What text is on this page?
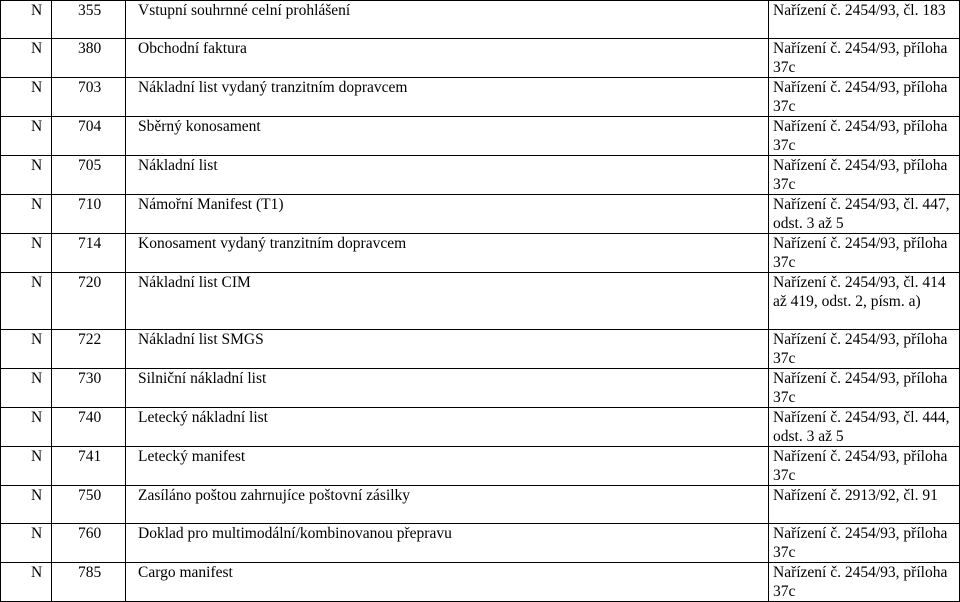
N	355	Vstupní souhrnné celní prohlášení	Nařízení č. 2454/93, čl. 183
N	380	Obchodní faktura	Nařízení č. 2454/93, příloha 37c
N	703	Nákladní list vydaný tranzitním dopravcem	Nařízení č. 2454/93, příloha 37c
N	704	Sběrný konosament	Nařízení č. 2454/93, příloha 37c
N	705	Nákladní list	Nařízení č. 2454/93, příloha 37c
N	710	Námořní Manifest (T1)	Nařízení č. 2454/93, čl. 447, odst. 3 až 5
N	714	Konosament vydaný tranzitním dopravcem	Nařízení č. 2454/93, příloha 37c
N	720	Nákladní list CIM	Nařízení č. 2454/93, čl. 414 až 419, odst. 2, písm. a)
N	722	Nákladní list SMGS	Nařízení č. 2454/93, příloha 37c
N	730	Silniční nákladní list	Nařízení č. 2454/93, příloha 37c
N	740	Letecký nákladní list	Nařízení č. 2454/93, čl. 444, odst. 3 až 5
N	741	Letecký manifest	Nařízení č. 2454/93, příloha 37c
N	750	Zasíláno poštou zahrnujíce poštovní zásilky	Nařízení č. 2913/92, čl. 91
N	760	Doklad pro multimodální/kombinovanou přepravu	Nařízení č. 2454/93, příloha 37c
N	785	Cargo manifest	Nařízení č. 2454/93, příloha 37c
